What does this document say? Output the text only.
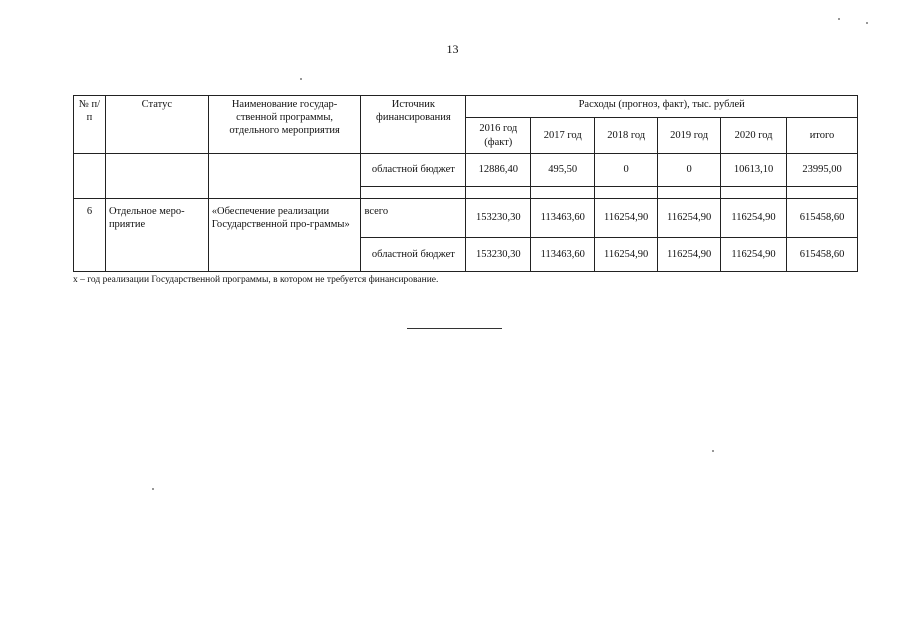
13
№ п/п	Статус	Наименование государ-ственной программы, отдельного мероприятия	Источник финансирования	Расходы (прогноз, факт), тыс. рублей					
				2016 год (факт)	2017 год	2018 год	2019 год	2020 год	итого
			областной бюджет	12886,40	495,50	0	0	10613,10	23995,00

6	Отдельное меро-приятие	«Обеспечение реализации Государственной про-граммы»	всего	153230,30	113463,60	116254,90	116254,90	116254,90	615458,60
			областной бюджет	153230,30	113463,60	116254,90	116254,90	116254,90	615458,60
х – год реализации Государственной программы, в котором не требуется финансирование.
